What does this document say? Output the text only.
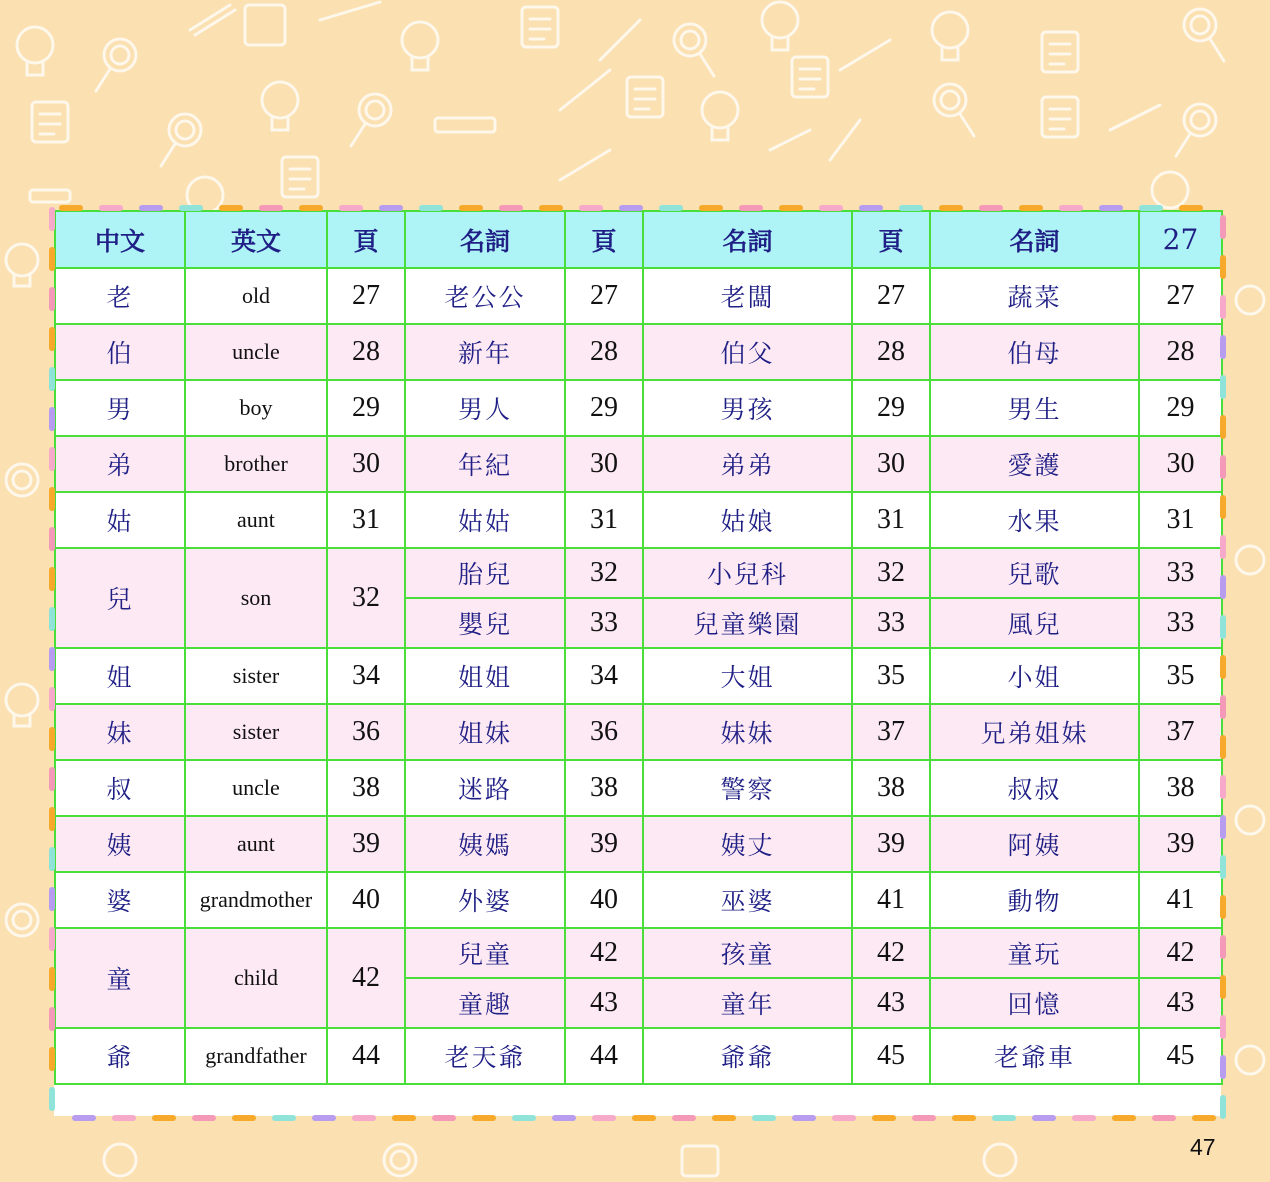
中文	英文	頁	名詞	頁	名詞	頁	名詞	27
老	old	27	老公公	27	老闆	27	蔬菜	27
伯	uncle	28	新年	28	伯父	28	伯母	28
男	boy	29	男人	29	男孩	29	男生	29
弟	brother	30	年紀	30	弟弟	30	愛護	30
姑	aunt	31	姑姑	31	姑娘	31	水果	31
兒	son	32	胎兒	32	小兒科	32	兒歌	33
			嬰兒	33	兒童樂園	33	風兒	33
姐	sister	34	姐姐	34	大姐	35	小姐	35
妹	sister	36	姐妹	36	妹妹	37	兄弟姐妹	37
叔	uncle	38	迷路	38	警察	38	叔叔	38
姨	aunt	39	姨媽	39	姨丈	39	阿姨	39
婆	grandmother	40	外婆	40	巫婆	41	動物	41
童	child	42	兒童	42	孩童	42	童玩	42
			童趣	43	童年	43	回憶	43
爺	grandfather	44	老天爺	44	爺爺	45	老爺車	45
47
